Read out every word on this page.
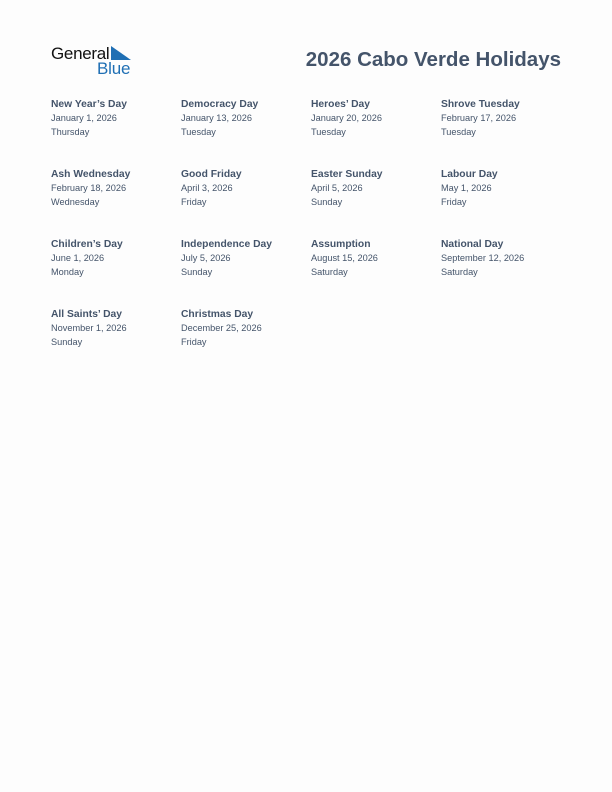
General
Blue	2026 Cabo Verde Holidays
New Year’s Day
January 1, 2026
Thursday
Democracy Day
January 13, 2026
Tuesday
Heroes’ Day
January 20, 2026
Tuesday
Shrove Tuesday
February 17, 2026
Tuesday
Ash Wednesday
February 18, 2026
Wednesday
Good Friday
April 3, 2026
Friday
Easter Sunday
April 5, 2026
Sunday
Labour Day
May 1, 2026
Friday
Children’s Day
June 1, 2026
Monday
Independence Day
July 5, 2026
Sunday
Assumption
August 15, 2026
Saturday
National Day
September 12, 2026
Saturday
All Saints’ Day
November 1, 2026
Sunday
Christmas Day
December 25, 2026
Friday
